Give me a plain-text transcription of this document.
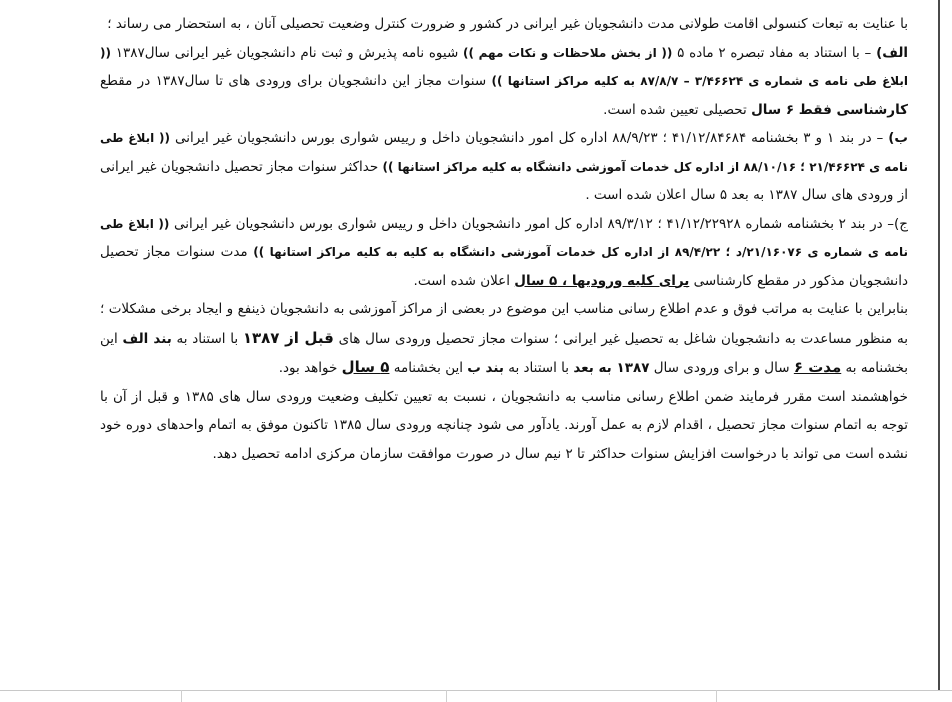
با عنایت به تبعات کنسولی اقامت طولانی مدت دانشجویان غیر ایرانی در کشور و ضرورت کنترل وضعیت تحصیلی آنان ، به استحضار می رساند ؛

الف) – با استناد به مفاد تبصره ۲ ماده ۵ (( از بخش ملاحظات و نکات مهم )) شیوه نامه پذیرش و ثبت نام دانشجویان غیر ایرانی سال۱۳۸۷ (( ابلاغ طی نامه ی شماره ی ۳/۴۶۶۲۴ – ۸۷/۸/۷ به کلیه مراکز استانها )) سنوات مجاز این دانشجویان برای ورودی های تا سال۱۳۸۷ در مقطع کارشناسی فقط ۶ سال تحصیلی تعیین شده است.

ب) – در بند ۱ و ۳ بخشنامه ۴۱/۱۲/۸۴۶۸۴ ؛ ۸۸/۹/۲۳ اداره کل امور دانشجویان داخل و رییس شواری بورس دانشجویان غیر ایرانی (( ابلاغ طی نامه ی ۲۱/۴۶۶۲۴ ؛ ۸۸/۱۰/۱۶ از اداره کل خدمات آموزشی دانشگاه به کلیه مراکز استانها )) حداکثر سنوات مجاز تحصیل دانشجویان غیر ایرانی از ورودی های سال ۱۳۸۷ به بعد ۵ سال اعلان شده است .

ج)– در بند ۲ بخشنامه شماره ۴۱/۱۲/۲۲۹۲۸ ؛ ۸۹/۳/۱۲ اداره کل امور دانشجویان داخل و رییس شواری بورس دانشجویان غیر ایرانی (( ابلاغ طی نامه ی شماره ی ۲۱/۱۶۰۷۶/د ؛ ۸۹/۴/۲۲ از اداره کل خدمات آموزشی دانشگاه به کلیه به کلیه مراکز استانها )) مدت سنوات مجاز تحصیل دانشجویان مذکور در مقطع کارشناسی برای کلیه ورودیها ، ۵ سال اعلان شده است.

بنابراین با عنایت به مراتب فوق و عدم اطلاع رسانی مناسب این موضوع در بعضی از مراکز آموزشی به دانشجویان ذینفع و ایجاد برخی مشکلات ؛ به منظور مساعدت به دانشجویان شاغل به تحصیل غیر ایرانی ؛ سنوات مجاز تحصیل ورودی سال های قبل از ۱۳۸۷ با استناد به بند الف این بخشنامه به مدت ۶ سال و برای ورودی سال ۱۳۸۷ به بعد با استناد به بند ب این بخشنامه ۵ سال خواهد بود.

خواهشمند است مقرر فرمایند ضمن اطلاع رسانی مناسب به دانشجویان ، نسبت به تعیین تکلیف وضعیت ورودی سال های ۱۳۸۵ و قبل از آن با توجه به اتمام سنوات مجاز تحصیل ، اقدام لازم به عمل آورند. یادآور می شود چنانچه ورودی سال ۱۳۸۵ تاکنون موفق به اتمام واحدهای دوره خود نشده است می تواند با درخواست افزایش سنوات حداکثر تا ۲ نیم سال در صورت موافقت سازمان مرکزی ادامه تحصیل دهد.
